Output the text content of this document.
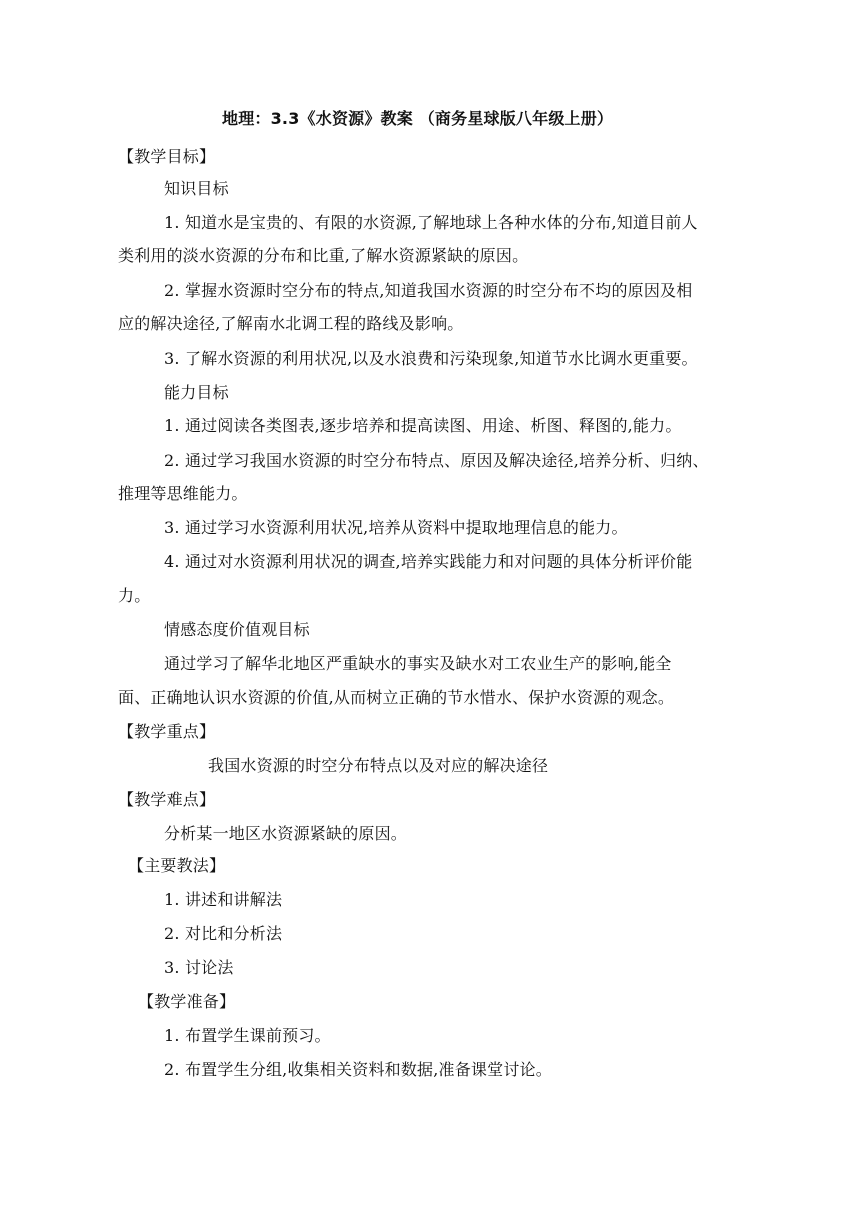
地理：3.3《水资源》教案 （商务星球版八年级上册）
【教学目标】
知识目标
1. 知道水是宝贵的、有限的水资源,了解地球上各种水体的分布,知道目前人
类利用的淡水资源的分布和比重,了解水资源紧缺的原因。
2. 掌握水资源时空分布的特点,知道我国水资源的时空分布不均的原因及相
应的解决途径,了解南水北调工程的路线及影响。
3. 了解水资源的利用状况,以及水浪费和污染现象,知道节水比调水更重要。
能力目标
1. 通过阅读各类图表,逐步培养和提高读图、用途、析图、释图的,能力。
2. 通过学习我国水资源的时空分布特点、原因及解决途径,培养分析、归纳、
推理等思维能力。
3. 通过学习水资源利用状况,培养从资料中提取地理信息的能力。
4. 通过对水资源利用状况的调查,培养实践能力和对问题的具体分析评价能
力。
情感态度价值观目标
通过学习了解华北地区严重缺水的事实及缺水对工农业生产的影响,能全
面、正确地认识水资源的价值,从而树立正确的节水惜水、保护水资源的观念。
【教学重点】
我国水资源的时空分布特点以及对应的解决途径
【教学难点】
分析某一地区水资源紧缺的原因。
【主要教法】
1. 讲述和讲解法
2. 对比和分析法
3. 讨论法
【教学准备】
1. 布置学生课前预习。
2. 布置学生分组,收集相关资料和数据,准备课堂讨论。
